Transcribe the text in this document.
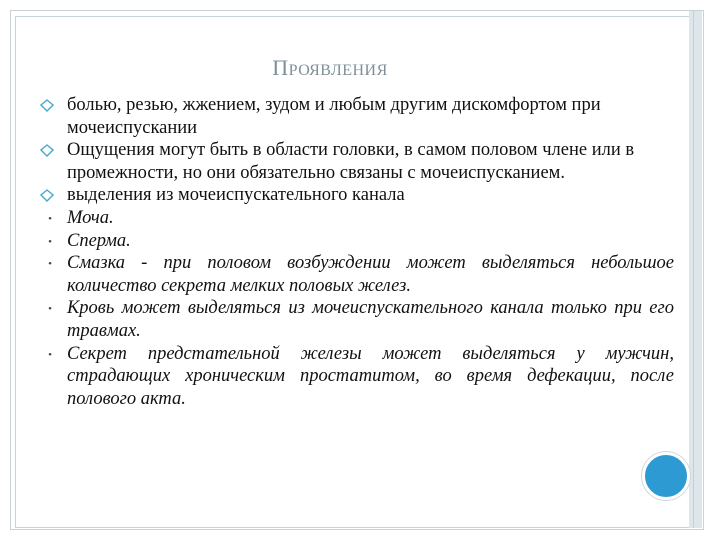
ПРОЯВЛЕНИЯ
болью, резью, жжением, зудом и любым другим дискомфортом при мочеиспускании
Ощущения могут быть в области головки, в самом половом члене или в промежности, но они обязательно связаны с мочеиспусканием.
выделения из мочеиспускательного канала
• Моча.
• Сперма.
• Смазка - при половом возбуждении может выделяться небольшое количество секрета мелких половых желез.
• Кровь может выделяться из мочеиспускательного канала только при его травмах.
• Секрет предстательной железы может выделяться у мужчин, страдающих хроническим простатитом, во время дефекации, после полового акта.
